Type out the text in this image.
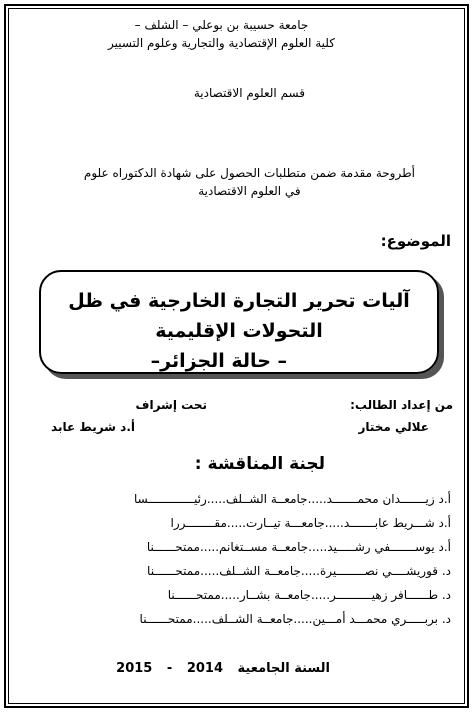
جامعة حسيبة بن بوعلي – الشلف –
كلية العلوم الإقتصادية والتجارية وعلوم التسيير
قسم العلوم الاقتصادية
أطروحة مقدمة ضمن متطلبات الحصول على شهادة الدكتوراه علوم
في العلوم الاقتصادية
الموضوع:
آليات تحرير التجارة الخارجية في ظل التحولات الإقليمية
– حالة الجزائر–
من إعداد الطالب:
علالي مختار
تحت إشراف
أ.د شريط عابد
لجنة المناقشة :
أ.د زيـــــــدان محمـــــــد.....جامعــة الشــلف.....رئيـــــــــــــسا
أ.د شـــريط عابـــــــد.....جامعـــة تيــارت.....مقــــــــررا
أ.د يوســـــــفي رشـــــيد.....جامعــة مســتغانم.....ممتحــــــنا
د. قوريشــــي نصــــــــيرة.....جامعــة الشــلف.....ممتحــــــنا
د. طــــــافر زهيــــــــــر.....جامعــة بشــار.....ممتحــــــنا
د. بربـــــري محمـــد أمـــين.....جامعــة الشــلف.....ممتحــــــنا
السنة الجامعية 2014 - 2015
